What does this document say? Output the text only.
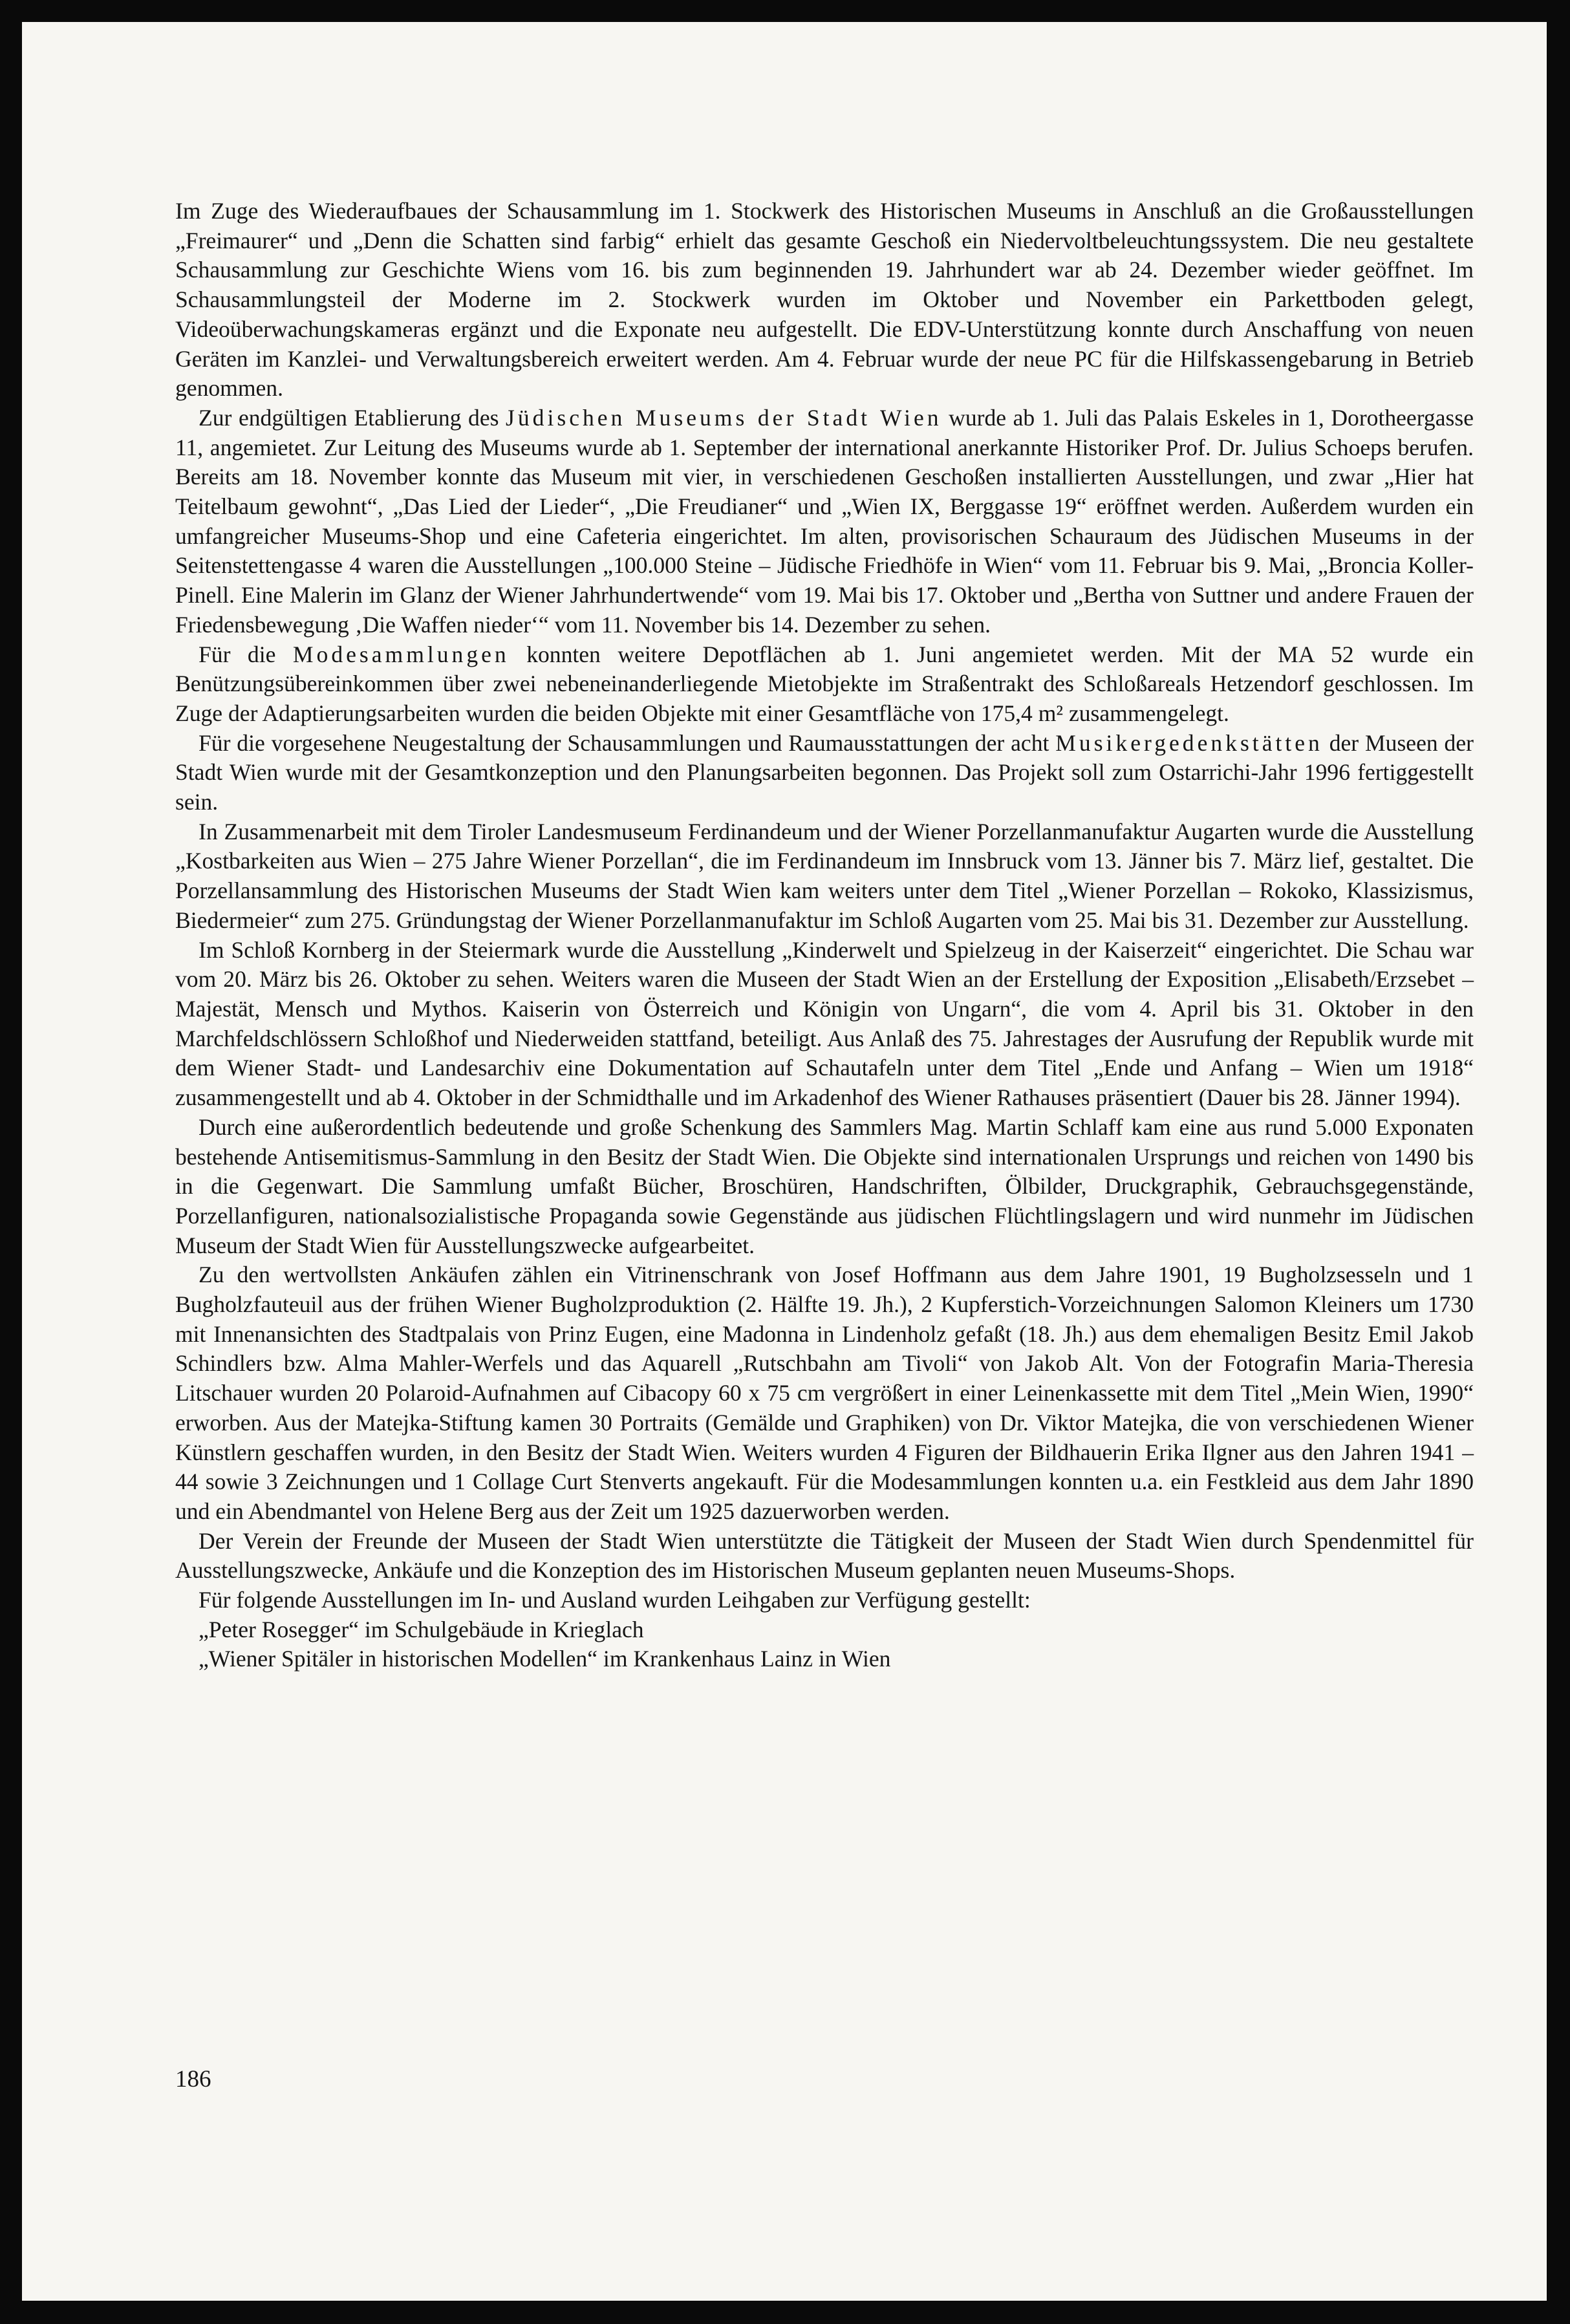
Im Zuge des Wiederaufbaues der Schausammlung im 1. Stockwerk des Historischen Museums in Anschluß an die Großausstellungen „Freimaurer“ und „Denn die Schatten sind farbig“ erhielt das gesamte Geschoß ein Niedervoltbeleuchtungssystem. Die neu gestaltete Schausammlung zur Geschichte Wiens vom 16. bis zum beginnenden 19. Jahrhundert war ab 24. Dezember wieder geöffnet. Im Schausammlungsteil der Moderne im 2. Stockwerk wurden im Oktober und November ein Parkettboden gelegt, Videoüberwachungskameras ergänzt und die Exponate neu aufgestellt. Die EDV-Unterstützung konnte durch Anschaffung von neuen Geräten im Kanzlei- und Verwaltungsbereich erweitert werden. Am 4. Februar wurde der neue PC für die Hilfskassengebarung in Betrieb genommen.

Zur endgültigen Etablierung des Jüdischen Museums der Stadt Wien wurde ab 1. Juli das Palais Eskeles in 1, Dorotheergasse 11, angemietet. Zur Leitung des Museums wurde ab 1. September der international anerkannte Historiker Prof. Dr. Julius Schoeps berufen. Bereits am 18. November konnte das Museum mit vier, in verschiedenen Geschoßen installierten Ausstellungen, und zwar „Hier hat Teitelbaum gewohnt“, „Das Lied der Lieder“, „Die Freudianer“ und „Wien IX, Berggasse 19“ eröffnet werden. Außerdem wurden ein umfangreicher Museums-Shop und eine Cafeteria eingerichtet. Im alten, provisorischen Schauraum des Jüdischen Museums in der Seitenstettengasse 4 waren die Ausstellungen „100.000 Steine – Jüdische Friedhöfe in Wien“ vom 11. Februar bis 9. Mai, „Broncia Koller-Pinell. Eine Malerin im Glanz der Wiener Jahrhundertwende“ vom 19. Mai bis 17. Oktober und „Bertha von Suttner und andere Frauen der Friedensbewegung ‚Die Waffen nieder‘“ vom 11. November bis 14. Dezember zu sehen.

Für die Modesammlungen konnten weitere Depotflächen ab 1. Juni angemietet werden. Mit der MA 52 wurde ein Benützungsübereinkommen über zwei nebeneinanderliegende Mietobjekte im Straßentrakt des Schloßareals Hetzendorf geschlossen. Im Zuge der Adaptierungsarbeiten wurden die beiden Objekte mit einer Gesamtfläche von 175,4 m² zusammengelegt.

Für die vorgesehene Neugestaltung der Schausammlungen und Raumausstattungen der acht Musikergedenkstätten der Museen der Stadt Wien wurde mit der Gesamtkonzeption und den Planungsarbeiten begonnen. Das Projekt soll zum Ostarrichi-Jahr 1996 fertiggestellt sein.

In Zusammenarbeit mit dem Tiroler Landesmuseum Ferdinandeum und der Wiener Porzellanmanufaktur Augarten wurde die Ausstellung „Kostbarkeiten aus Wien – 275 Jahre Wiener Porzellan“, die im Ferdinandeum im Innsbruck vom 13. Jänner bis 7. März lief, gestaltet. Die Porzellansammlung des Historischen Museums der Stadt Wien kam weiters unter dem Titel „Wiener Porzellan – Rokoko, Klassizismus, Biedermeier“ zum 275. Gründungstag der Wiener Porzellanmanufaktur im Schloß Augarten vom 25. Mai bis 31. Dezember zur Ausstellung.

Im Schloß Kornberg in der Steiermark wurde die Ausstellung „Kinderwelt und Spielzeug in der Kaiserzeit“ eingerichtet. Die Schau war vom 20. März bis 26. Oktober zu sehen. Weiters waren die Museen der Stadt Wien an der Erstellung der Exposition „Elisabeth/Erzsebet – Majestät, Mensch und Mythos. Kaiserin von Österreich und Königin von Ungarn“, die vom 4. April bis 31. Oktober in den Marchfeldschlössern Schloßhof und Niederweiden stattfand, beteiligt. Aus Anlaß des 75. Jahrestages der Ausrufung der Republik wurde mit dem Wiener Stadt- und Landesarchiv eine Dokumentation auf Schautafeln unter dem Titel „Ende und Anfang – Wien um 1918“ zusammengestellt und ab 4. Oktober in der Schmidthalle und im Arkadenhof des Wiener Rathauses präsentiert (Dauer bis 28. Jänner 1994).

Durch eine außerordentlich bedeutende und große Schenkung des Sammlers Mag. Martin Schlaff kam eine aus rund 5.000 Exponaten bestehende Antisemitismus-Sammlung in den Besitz der Stadt Wien. Die Objekte sind internationalen Ursprungs und reichen von 1490 bis in die Gegenwart. Die Sammlung umfaßt Bücher, Broschüren, Handschriften, Ölbilder, Druckgraphik, Gebrauchsgegenstände, Porzellanfiguren, nationalsozialistische Propaganda sowie Gegenstände aus jüdischen Flüchtlingslagern und wird nunmehr im Jüdischen Museum der Stadt Wien für Ausstellungszwecke aufgearbeitet.

Zu den wertvollsten Ankäufen zählen ein Vitrinenschrank von Josef Hoffmann aus dem Jahre 1901, 19 Bugholzsesseln und 1 Bugholzfauteuil aus der frühen Wiener Bugholzproduktion (2. Hälfte 19. Jh.), 2 Kupferstich-Vorzeichnungen Salomon Kleiners um 1730 mit Innenansichten des Stadtpalais von Prinz Eugen, eine Madonna in Lindenholz gefaßt (18. Jh.) aus dem ehemaligen Besitz Emil Jakob Schindlers bzw. Alma Mahler-Werfels und das Aquarell „Rutschbahn am Tivoli“ von Jakob Alt. Von der Fotografin Maria-Theresia Litschauer wurden 20 Polaroid-Aufnahmen auf Cibacopy 60 x 75 cm vergrößert in einer Leinenkassette mit dem Titel „Mein Wien, 1990“ erworben. Aus der Matejka-Stiftung kamen 30 Portraits (Gemälde und Graphiken) von Dr. Viktor Matejka, die von verschiedenen Wiener Künstlern geschaffen wurden, in den Besitz der Stadt Wien. Weiters wurden 4 Figuren der Bildhauerin Erika Ilgner aus den Jahren 1941 – 44 sowie 3 Zeichnungen und 1 Collage Curt Stenverts angekauft. Für die Modesammlungen konnten u.a. ein Festkleid aus dem Jahr 1890 und ein Abendmantel von Helene Berg aus der Zeit um 1925 dazuerworben werden.

Der Verein der Freunde der Museen der Stadt Wien unterstützte die Tätigkeit der Museen der Stadt Wien durch Spendenmittel für Ausstellungszwecke, Ankäufe und die Konzeption des im Historischen Museum geplanten neuen Museums-Shops.

Für folgende Ausstellungen im In- und Ausland wurden Leihgaben zur Verfügung gestellt:

„Peter Rosegger“ im Schulgebäude in Krieglach

„Wiener Spitäler in historischen Modellen“ im Krankenhaus Lainz in Wien

186
